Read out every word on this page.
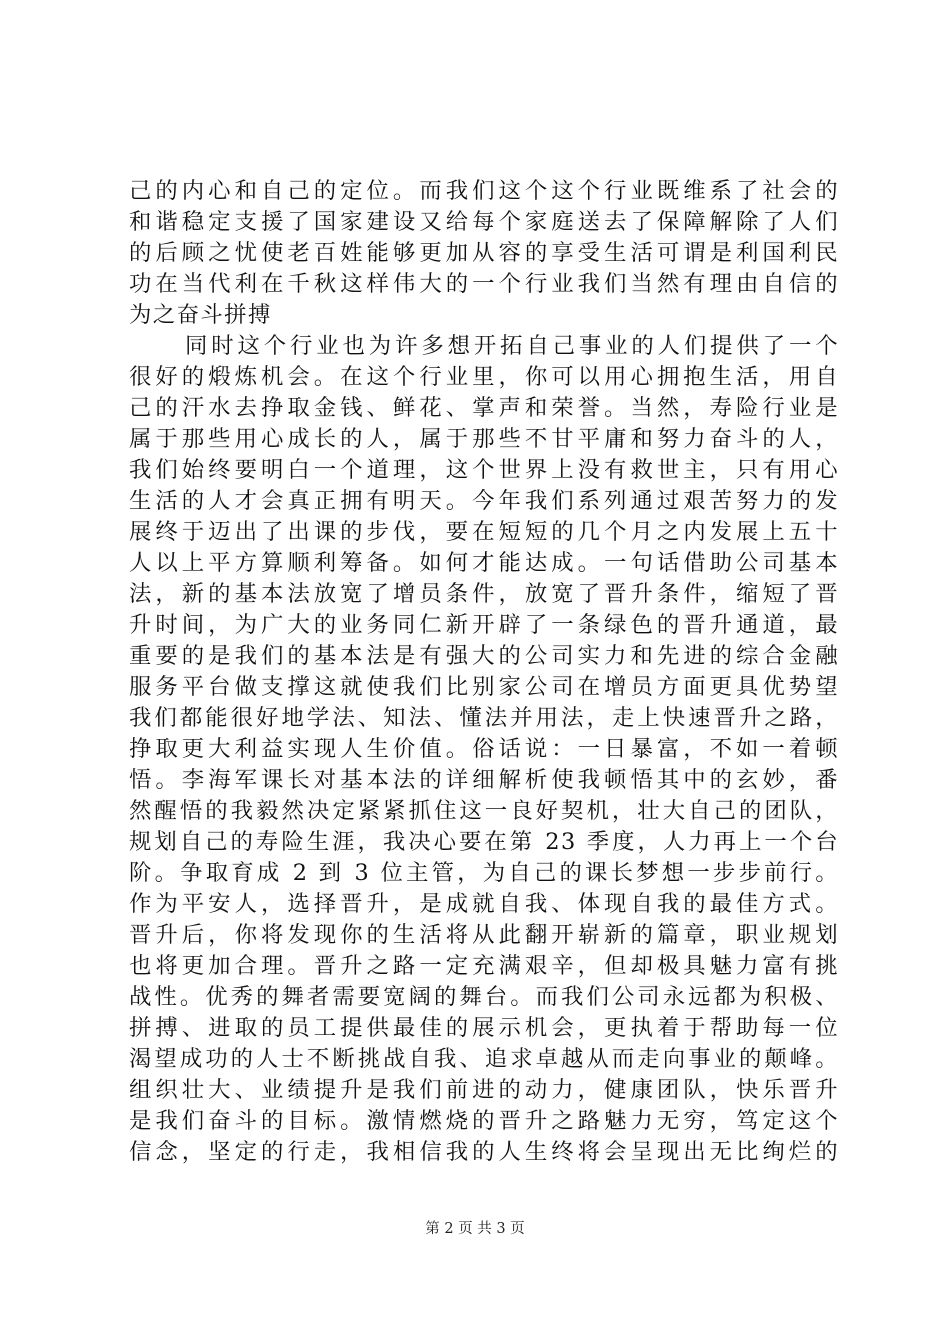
己的内心和自己的定位。而我们这个这个行业既维系了社会的
和谐稳定支援了国家建设又给每个家庭送去了保障解除了人们
的后顾之忧使老百姓能够更加从容的享受生活可谓是利国利民
功在当代利在千秋这样伟大的一个行业我们当然有理由自信的
为之奋斗拼搏
同时这个行业也为许多想开拓自己事业的人们提供了一个
很好的煅炼机会。在这个行业里，你可以用心拥抱生活，用自
己的汗水去挣取金钱、鲜花、掌声和荣誉。当然，寿险行业是
属于那些用心成长的人，属于那些不甘平庸和努力奋斗的人，
我们始终要明白一个道理，这个世界上没有救世主，只有用心
生活的人才会真正拥有明天。今年我们系列通过艰苦努力的发
展终于迈出了出课的步伐，要在短短的几个月之内发展上五十
人以上平方算顺利筹备。如何才能达成。一句话借助公司基本
法，新的基本法放宽了增员条件，放宽了晋升条件，缩短了晋
升时间，为广大的业务同仁新开辟了一条绿色的晋升通道，最
重要的是我们的基本法是有强大的公司实力和先进的综合金融
服务平台做支撑这就使我们比别家公司在增员方面更具优势望
我们都能很好地学法、知法、懂法并用法，走上快速晋升之路，
挣取更大利益实现人生价值。俗话说：一日暴富，不如一着顿
悟。李海军课长对基本法的详细解析使我顿悟其中的玄妙，番
然醒悟的我毅然决定紧紧抓住这一良好契机，壮大自己的团队，
规划自己的寿险生涯，我决心要在第 23 季度，人力再上一个台
阶。争取育成 2 到 3 位主管，为自己的课长梦想一步步前行。
作为平安人，选择晋升，是成就自我、体现自我的最佳方式。
晋升后，你将发现你的生活将从此翻开崭新的篇章，职业规划
也将更加合理。晋升之路一定充满艰辛，但却极具魅力富有挑
战性。优秀的舞者需要宽阔的舞台。而我们公司永远都为积极、
拼搏、进取的员工提供最佳的展示机会，更执着于帮助每一位
渴望成功的人士不断挑战自我、追求卓越从而走向事业的颠峰。
组织壮大、业绩提升是我们前进的动力，健康团队，快乐晋升
是我们奋斗的目标。激情燃烧的晋升之路魅力无穷，笃定这个
信念，坚定的行走，我相信我的人生终将会呈现出无比绚烂的
第 2 页 共 3 页
